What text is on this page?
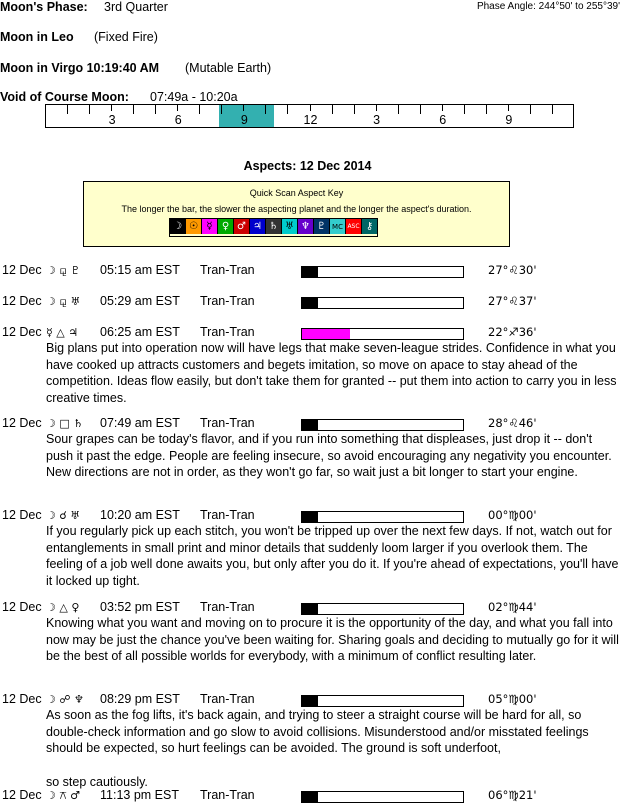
Moon's Phase: 3rd Quarter	Phase Angle: 244°50' to 255°39'
Moon in Leo (Fixed Fire)
Moon in Virgo 10:19:40 AM (Mutable Earth)
Void of Course Moon: 07:49a - 10:20a
3	6	9	12	3	6	9
Aspects: 12 Dec 2014
Quick Scan Aspect Key
The longer the bar, the slower the aspecting planet and the longer the aspect's duration.
☽ ☉ ☿ ♀ ♂ ♃ ♄ ♅ ♆ ♇ MC ASC ⚷
12 Dec ☽ ⚼ ♇ 05:15 am EST Tran-Tran	27°♌30'
12 Dec ☽ ⚼ ♅ 05:29 am EST Tran-Tran	27°♌37'
12 Dec ☿ △ ♃ 06:25 am EST Tran-Tran	22°♐36'
Big plans put into operation now will have legs that make seven-league strides. Confidence in what you have cooked up attracts customers and begets imitation, so move on apace to stay ahead of the competition. Ideas flow easily, but don't take them for granted -- put them into action to carry you in less creative times.
12 Dec ☽ □ ♄ 07:49 am EST Tran-Tran	28°♌46'
Sour grapes can be today's flavor, and if you run into something that displeases, just drop it -- don't push it past the edge. People are feeling insecure, so avoid encouraging any negativity you encounter. New directions are not in order, as they won't go far, so wait just a bit longer to start your engine.
12 Dec ☽ ☌ ♅ 10:20 am EST Tran-Tran	00°♍00'
If you regularly pick up each stitch, you won't be tripped up over the next few days. If not, watch out for entanglements in small print and minor details that suddenly loom larger if you overlook them. The feeling of a job well done awaits you, but only after you do it. If you're ahead of expectations, you'll have it locked up tight.
12 Dec ☽ △ ♀ 03:52 pm EST Tran-Tran	02°♍44'
Knowing what you want and moving on to procure it is the opportunity of the day, and what you fall into now may be just the chance you've been waiting for. Sharing goals and deciding to mutually go for it will be the best of all possible worlds for everybody, with a minimum of conflict resulting later.
12 Dec ☽ ☍ ♆ 08:29 pm EST Tran-Tran	05°♍00'
As soon as the fog lifts, it's back again, and trying to steer a straight course will be hard for all, so double-check information and go slow to avoid collisions. Misunderstood and/or misstated feelings should be expected, so hurt feelings can be avoided. The ground is soft underfoot,
so step cautiously.
12 Dec ☽ ⚻ ♂ 11:13 pm EST Tran-Tran	06°♍21'
